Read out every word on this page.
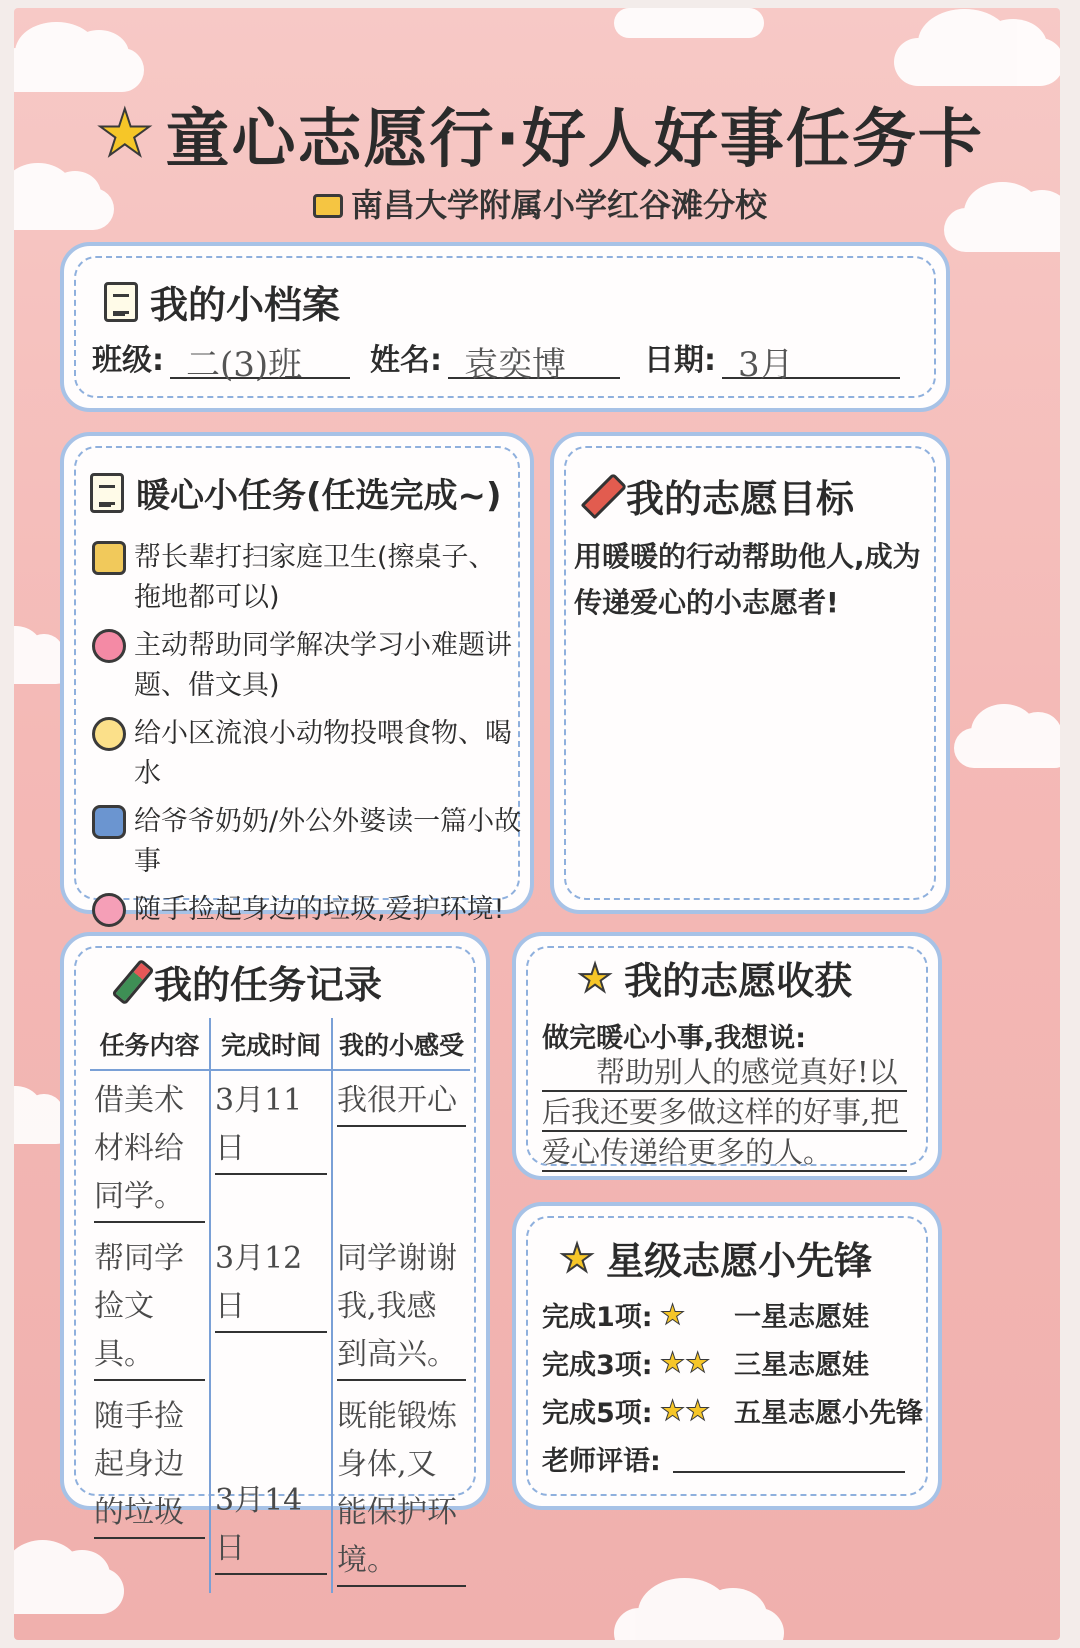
★ 童心志愿行·好人好事任务卡
南昌大学附属小学红谷滩分校
我的小档案
班级: 二(3)班	姓名: 袁奕博	日期: 3月
暖心小任务(任选完成~)
帮长辈打扫家庭卫生(擦桌子、拖地都可以)
主动帮助同学解决学习小难题讲题、借文具)
给小区流浪小动物投喂食物、喝水
给爷爷奶奶/外公外婆读一篇小故事
随手捡起身边的垃圾,爱护环境!
我的志愿目标
用暖暖的行动帮助他人,成为传递爱心的小志愿者!
我的任务记录
任务内容	完成时间	我的小感受

借美术材料给同学。	3月11日	我很开心

帮同学捡文具。	3月12日	同学谢谢我,我感到高兴。

随手捡起身边的垃圾	3月14日	既能锻炼身体,又能保护环境。
★ 我的志愿收获
做完暖心小事,我想说:
帮助别人的感觉真好!以
后我还要多做这样的好事,把
爱心传递给更多的人。
★ 星级志愿小先锋
完成1项: ★	一星志愿娃
完成3项: ★★ 三星志愿娃
完成5项: ★★ 五星志愿小先锋
老师评语:
